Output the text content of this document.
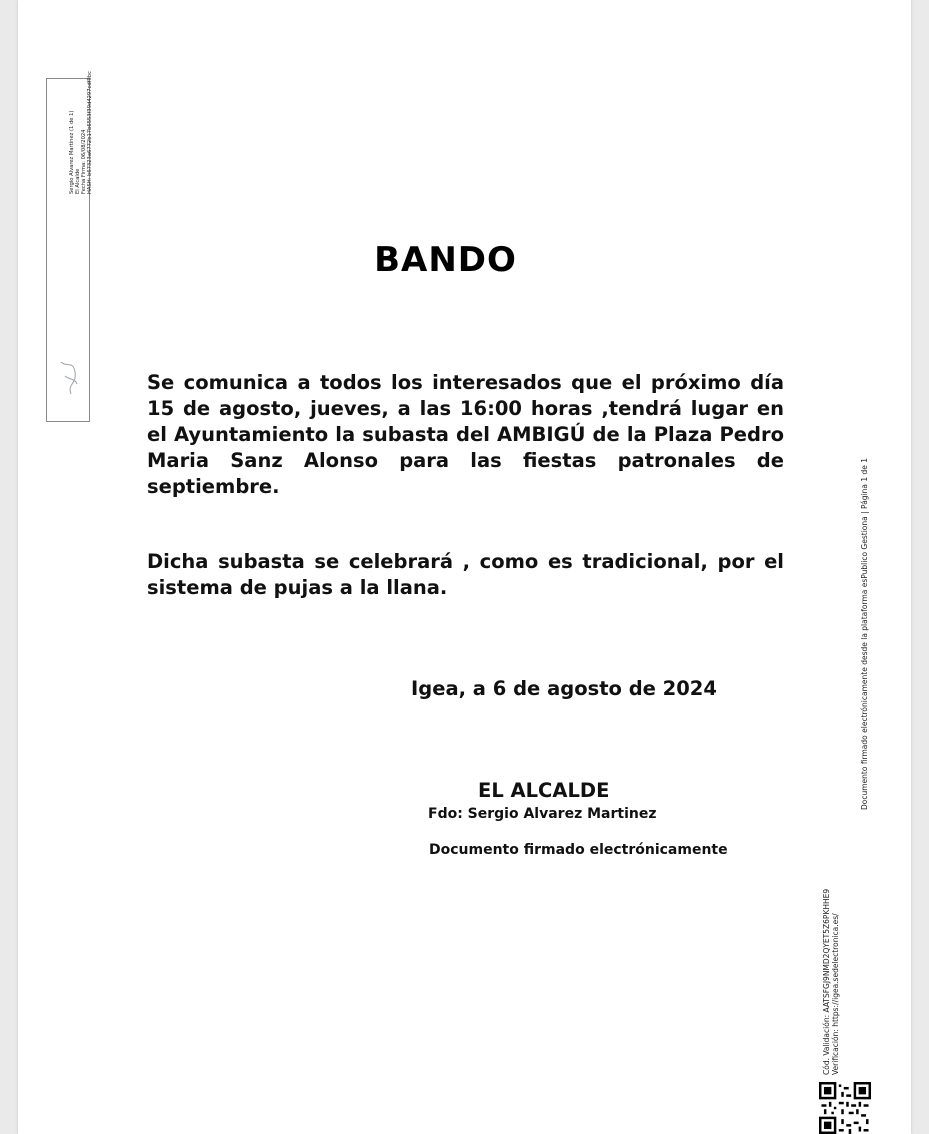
Sergio Alvarez Martinez (1 de 1) El Alcalde Fecha Firma: 06/08/2024 HASH: b67323a6772b17b6553f39d4297cdf9bc
BANDO
Se comunica a todos los interesados que el próximo día 15 de agosto, jueves, a las 16:00 horas ,tendrá lugar en el Ayuntamiento la subasta del AMBIGÚ de la Plaza Pedro Maria Sanz Alonso para las fiestas patronales de septiembre.
Dicha subasta se celebrará , como es tradicional, por el sistema de pujas a la llana.
Igea, a 6 de agosto de 2024
EL ALCALDE
Fdo: Sergio Alvarez Martinez
Documento firmado electrónicamente
Documento firmado electrónicamente desde la plataforma esPublico Gestiona | Página 1 de 1
Cód. Validación: AATSFGJ9NMD2QYET5Z6PKHHE9 Verificación: https://igea.sedelectronica.es/
